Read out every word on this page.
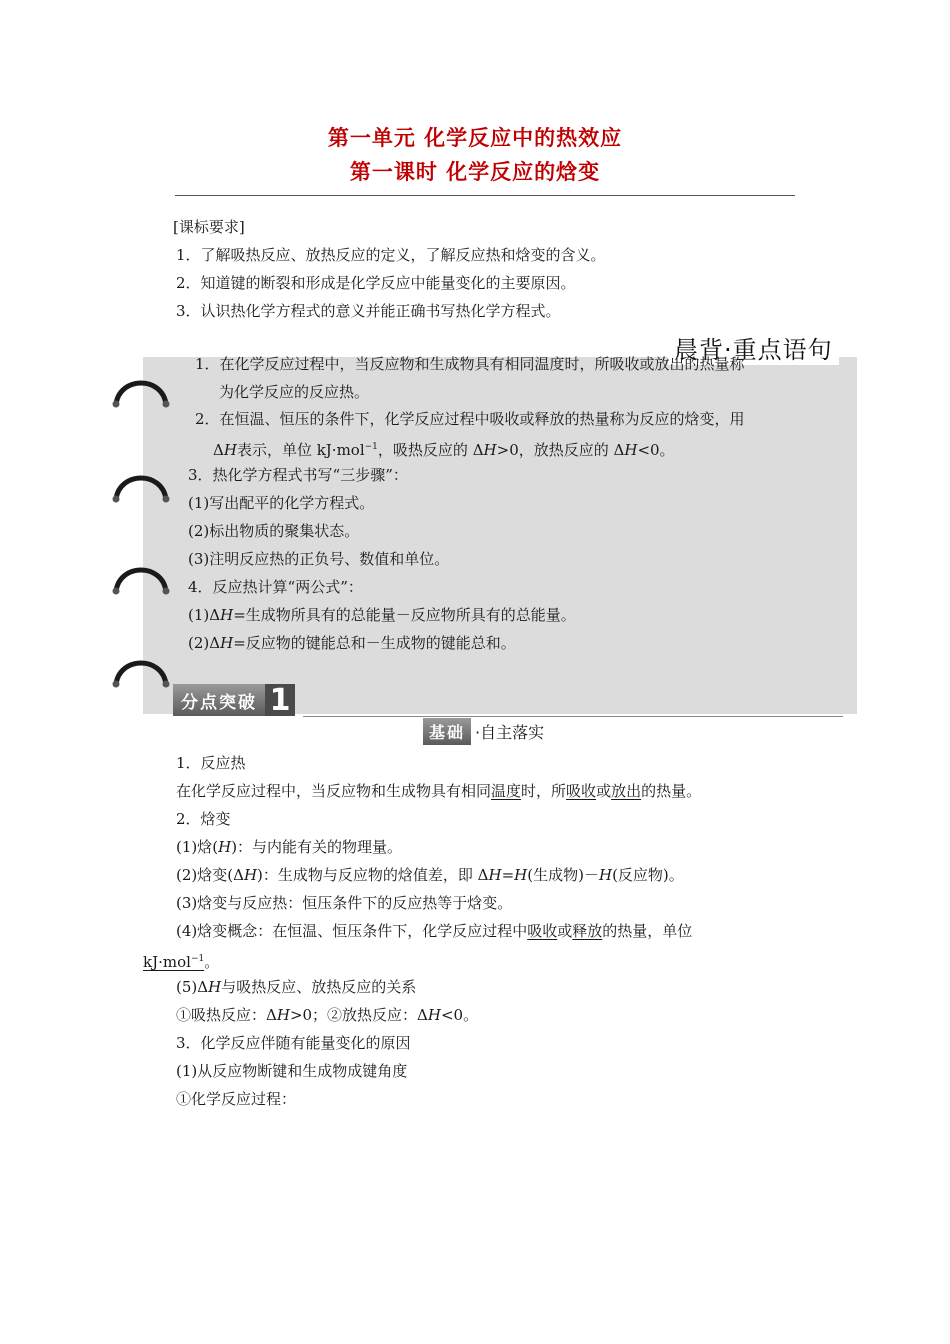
第一单元 化学反应中的热效应
第一课时 化学反应的焓变
[课标要求]
1．了解吸热反应、放热反应的定义，了解反应热和焓变的含义。
2．知道键的断裂和形成是化学反应中能量变化的主要原因。
3．认识热化学方程式的意义并能正确书写热化学方程式。
晨背·重点语句
1．在化学反应过程中，当反应物和生成物具有相同温度时，所吸收或放出的热量称
为化学反应的反应热。
2．在恒温、恒压的条件下，化学反应过程中吸收或释放的热量称为反应的焓变，用
ΔH表示，单位 kJ·mol$^{-1}$，吸热反应的 ΔH>0，放热反应的 ΔH<0。
3．热化学方程式书写“三步骤”：
(1)写出配平的化学方程式。
(2)标出物质的聚集状态。
(3)注明反应热的正负号、数值和单位。
4．反应热计算“两公式”：
(1)ΔH=生成物所具有的总能量－反应物所具有的总能量。
(2)ΔH=反应物的键能总和－生成物的键能总和。
分点突破 1
基础 ·自主落实
1．反应热
在化学反应过程中，当反应物和生成物具有相同温度时，所吸收或放出的热量。
2．焓变
(1)焓(H)：与内能有关的物理量。
(2)焓变(ΔH)：生成物与反应物的焓值差，即 ΔH=H(生成物)－H(反应物)。
(3)焓变与反应热：恒压条件下的反应热等于焓变。
(4)焓变概念：在恒温、恒压条件下，化学反应过程中吸收或释放的热量，单位
kJ·mol$^{-1}$。
(5)ΔH与吸热反应、放热反应的关系
①吸热反应：ΔH>0；②放热反应：ΔH<0。
3．化学反应伴随有能量变化的原因
(1)从反应物断键和生成物成键角度
①化学反应过程：
